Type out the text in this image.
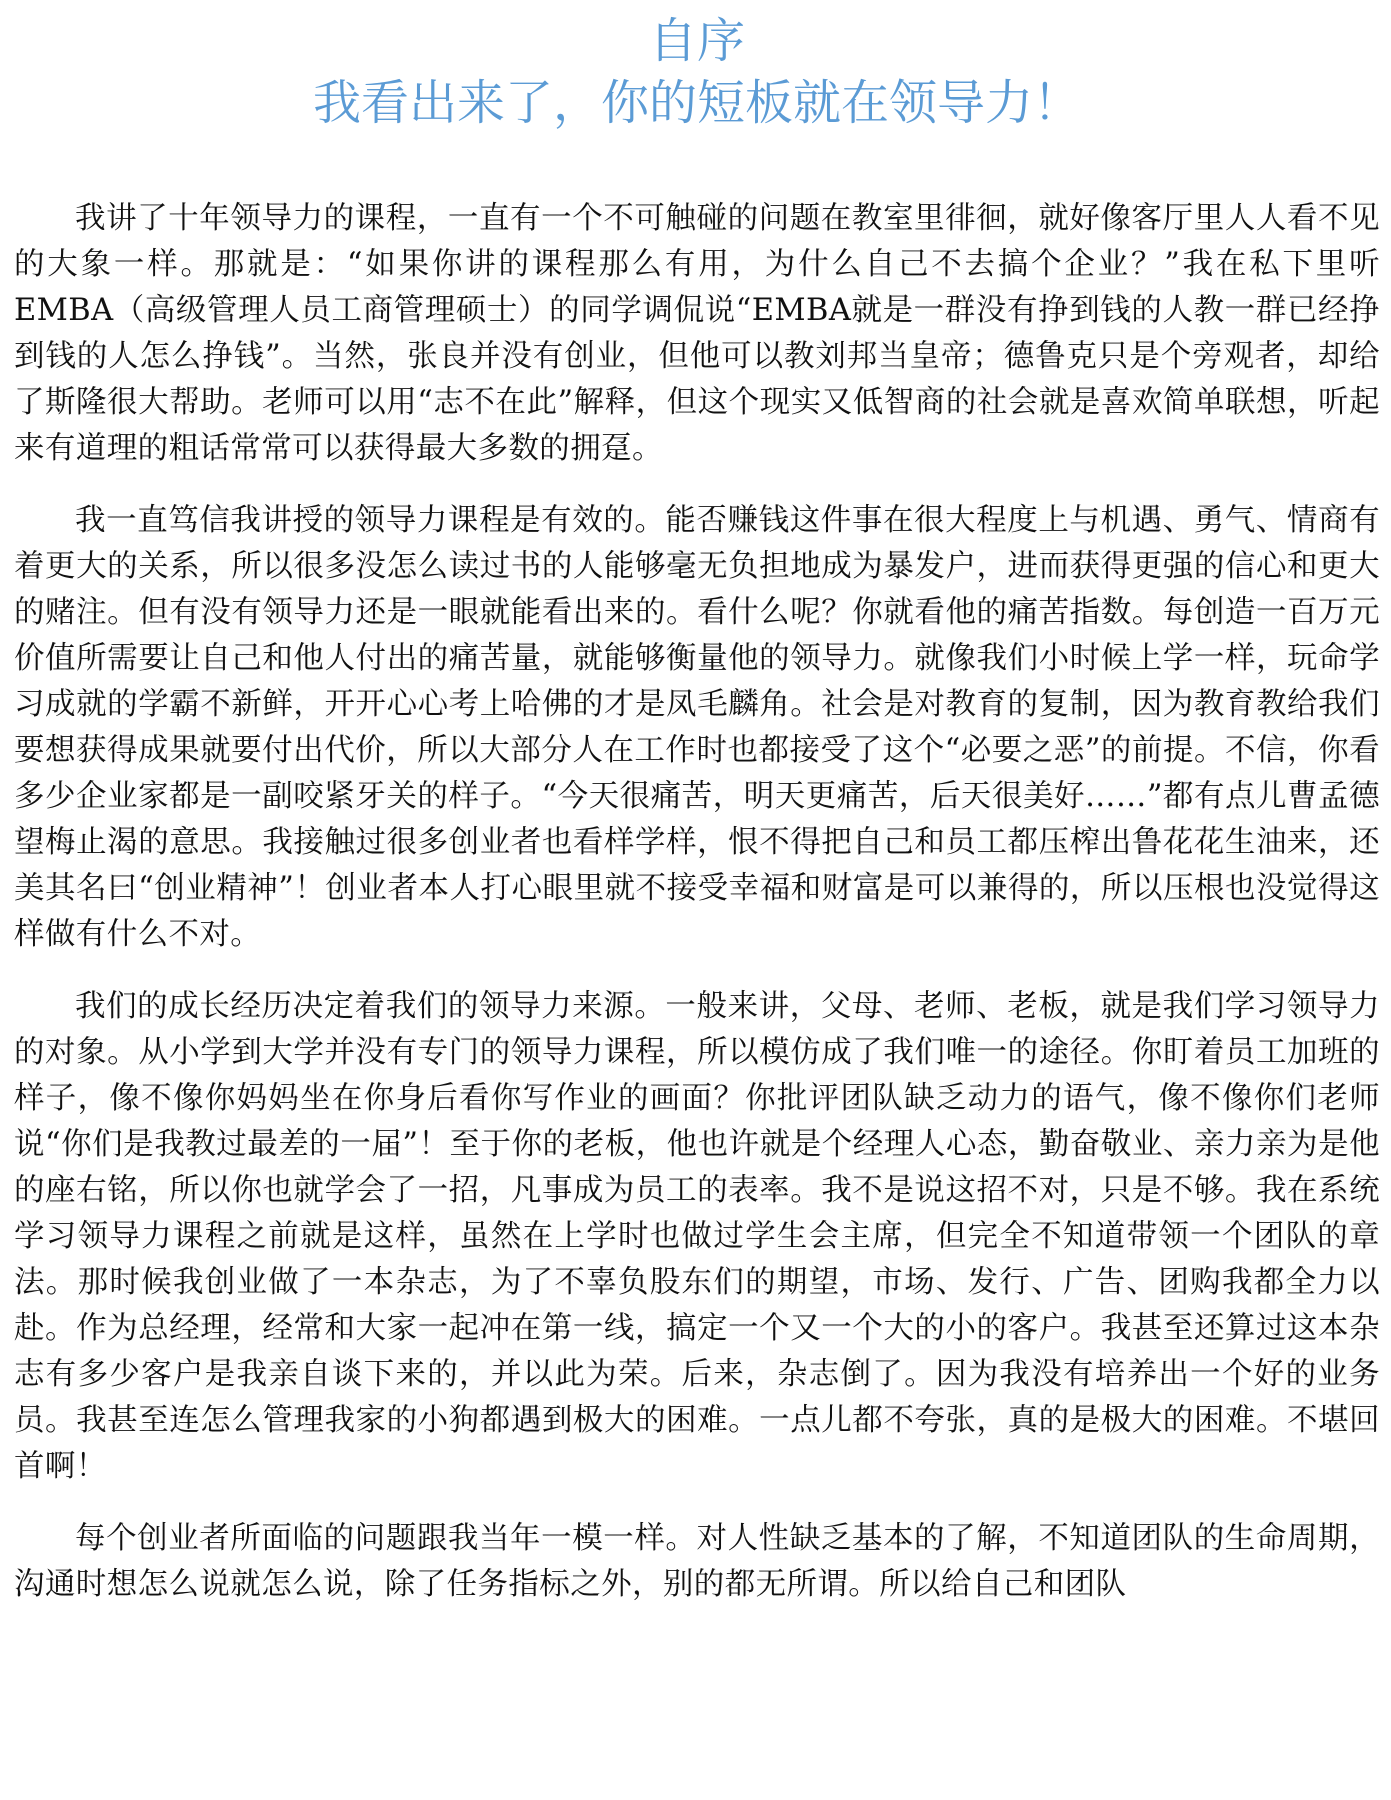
自序
我看出来了，你的短板就在领导力！

我讲了十年领导力的课程，一直有一个不可触碰的问题在教室里徘徊，就好像客厅里人人看不见的大象一样。那就是：“如果你讲的课程那么有用，为什么自己不去搞个企业？”我在私下里听EMBA（高级管理人员工商管理硕士）的同学调侃说“EMBA就是一群没有挣到钱的人教一群已经挣到钱的人怎么挣钱”。当然，张良并没有创业，但他可以教刘邦当皇帝；德鲁克只是个旁观者，却给了斯隆很大帮助。老师可以用“志不在此”解释，但这个现实又低智商的社会就是喜欢简单联想，听起来有道理的粗话常常可以获得最大多数的拥趸。

我一直笃信我讲授的领导力课程是有效的。能否赚钱这件事在很大程度上与机遇、勇气、情商有着更大的关系，所以很多没怎么读过书的人能够毫无负担地成为暴发户，进而获得更强的信心和更大的赌注。但有没有领导力还是一眼就能看出来的。看什么呢？你就看他的痛苦指数。每创造一百万元价值所需要让自己和他人付出的痛苦量，就能够衡量他的领导力。就像我们小时候上学一样，玩命学习成就的学霸不新鲜，开开心心考上哈佛的才是凤毛麟角。社会是对教育的复制，因为教育教给我们要想获得成果就要付出代价，所以大部分人在工作时也都接受了这个“必要之恶”的前提。不信，你看多少企业家都是一副咬紧牙关的样子。“今天很痛苦，明天更痛苦，后天很美好……”都有点儿曹孟德望梅止渴的意思。我接触过很多创业者也看样学样，恨不得把自己和员工都压榨出鲁花花生油来，还美其名曰“创业精神”！创业者本人打心眼里就不接受幸福和财富是可以兼得的，所以压根也没觉得这样做有什么不对。

我们的成长经历决定着我们的领导力来源。一般来讲，父母、老师、老板，就是我们学习领导力的对象。从小学到大学并没有专门的领导力课程，所以模仿成了我们唯一的途径。你盯着员工加班的样子，像不像你妈妈坐在你身后看你写作业的画面？你批评团队缺乏动力的语气，像不像你们老师说“你们是我教过最差的一届”！至于你的老板，他也许就是个经理人心态，勤奋敬业、亲力亲为是他的座右铭，所以你也就学会了一招，凡事成为员工的表率。我不是说这招不对，只是不够。我在系统学习领导力课程之前就是这样，虽然在上学时也做过学生会主席，但完全不知道带领一个团队的章法。那时候我创业做了一本杂志，为了不辜负股东们的期望，市场、发行、广告、团购我都全力以赴。作为总经理，经常和大家一起冲在第一线，搞定一个又一个大的小的客户。我甚至还算过这本杂志有多少客户是我亲自谈下来的，并以此为荣。后来，杂志倒了。因为我没有培养出一个好的业务员。我甚至连怎么管理我家的小狗都遇到极大的困难。一点儿都不夸张，真的是极大的困难。不堪回首啊！

每个创业者所面临的问题跟我当年一模一样。对人性缺乏基本的了解，不知道团队的生命周期，沟通时想怎么说就怎么说，除了任务指标之外，别的都无所谓。所以给自己和团队
